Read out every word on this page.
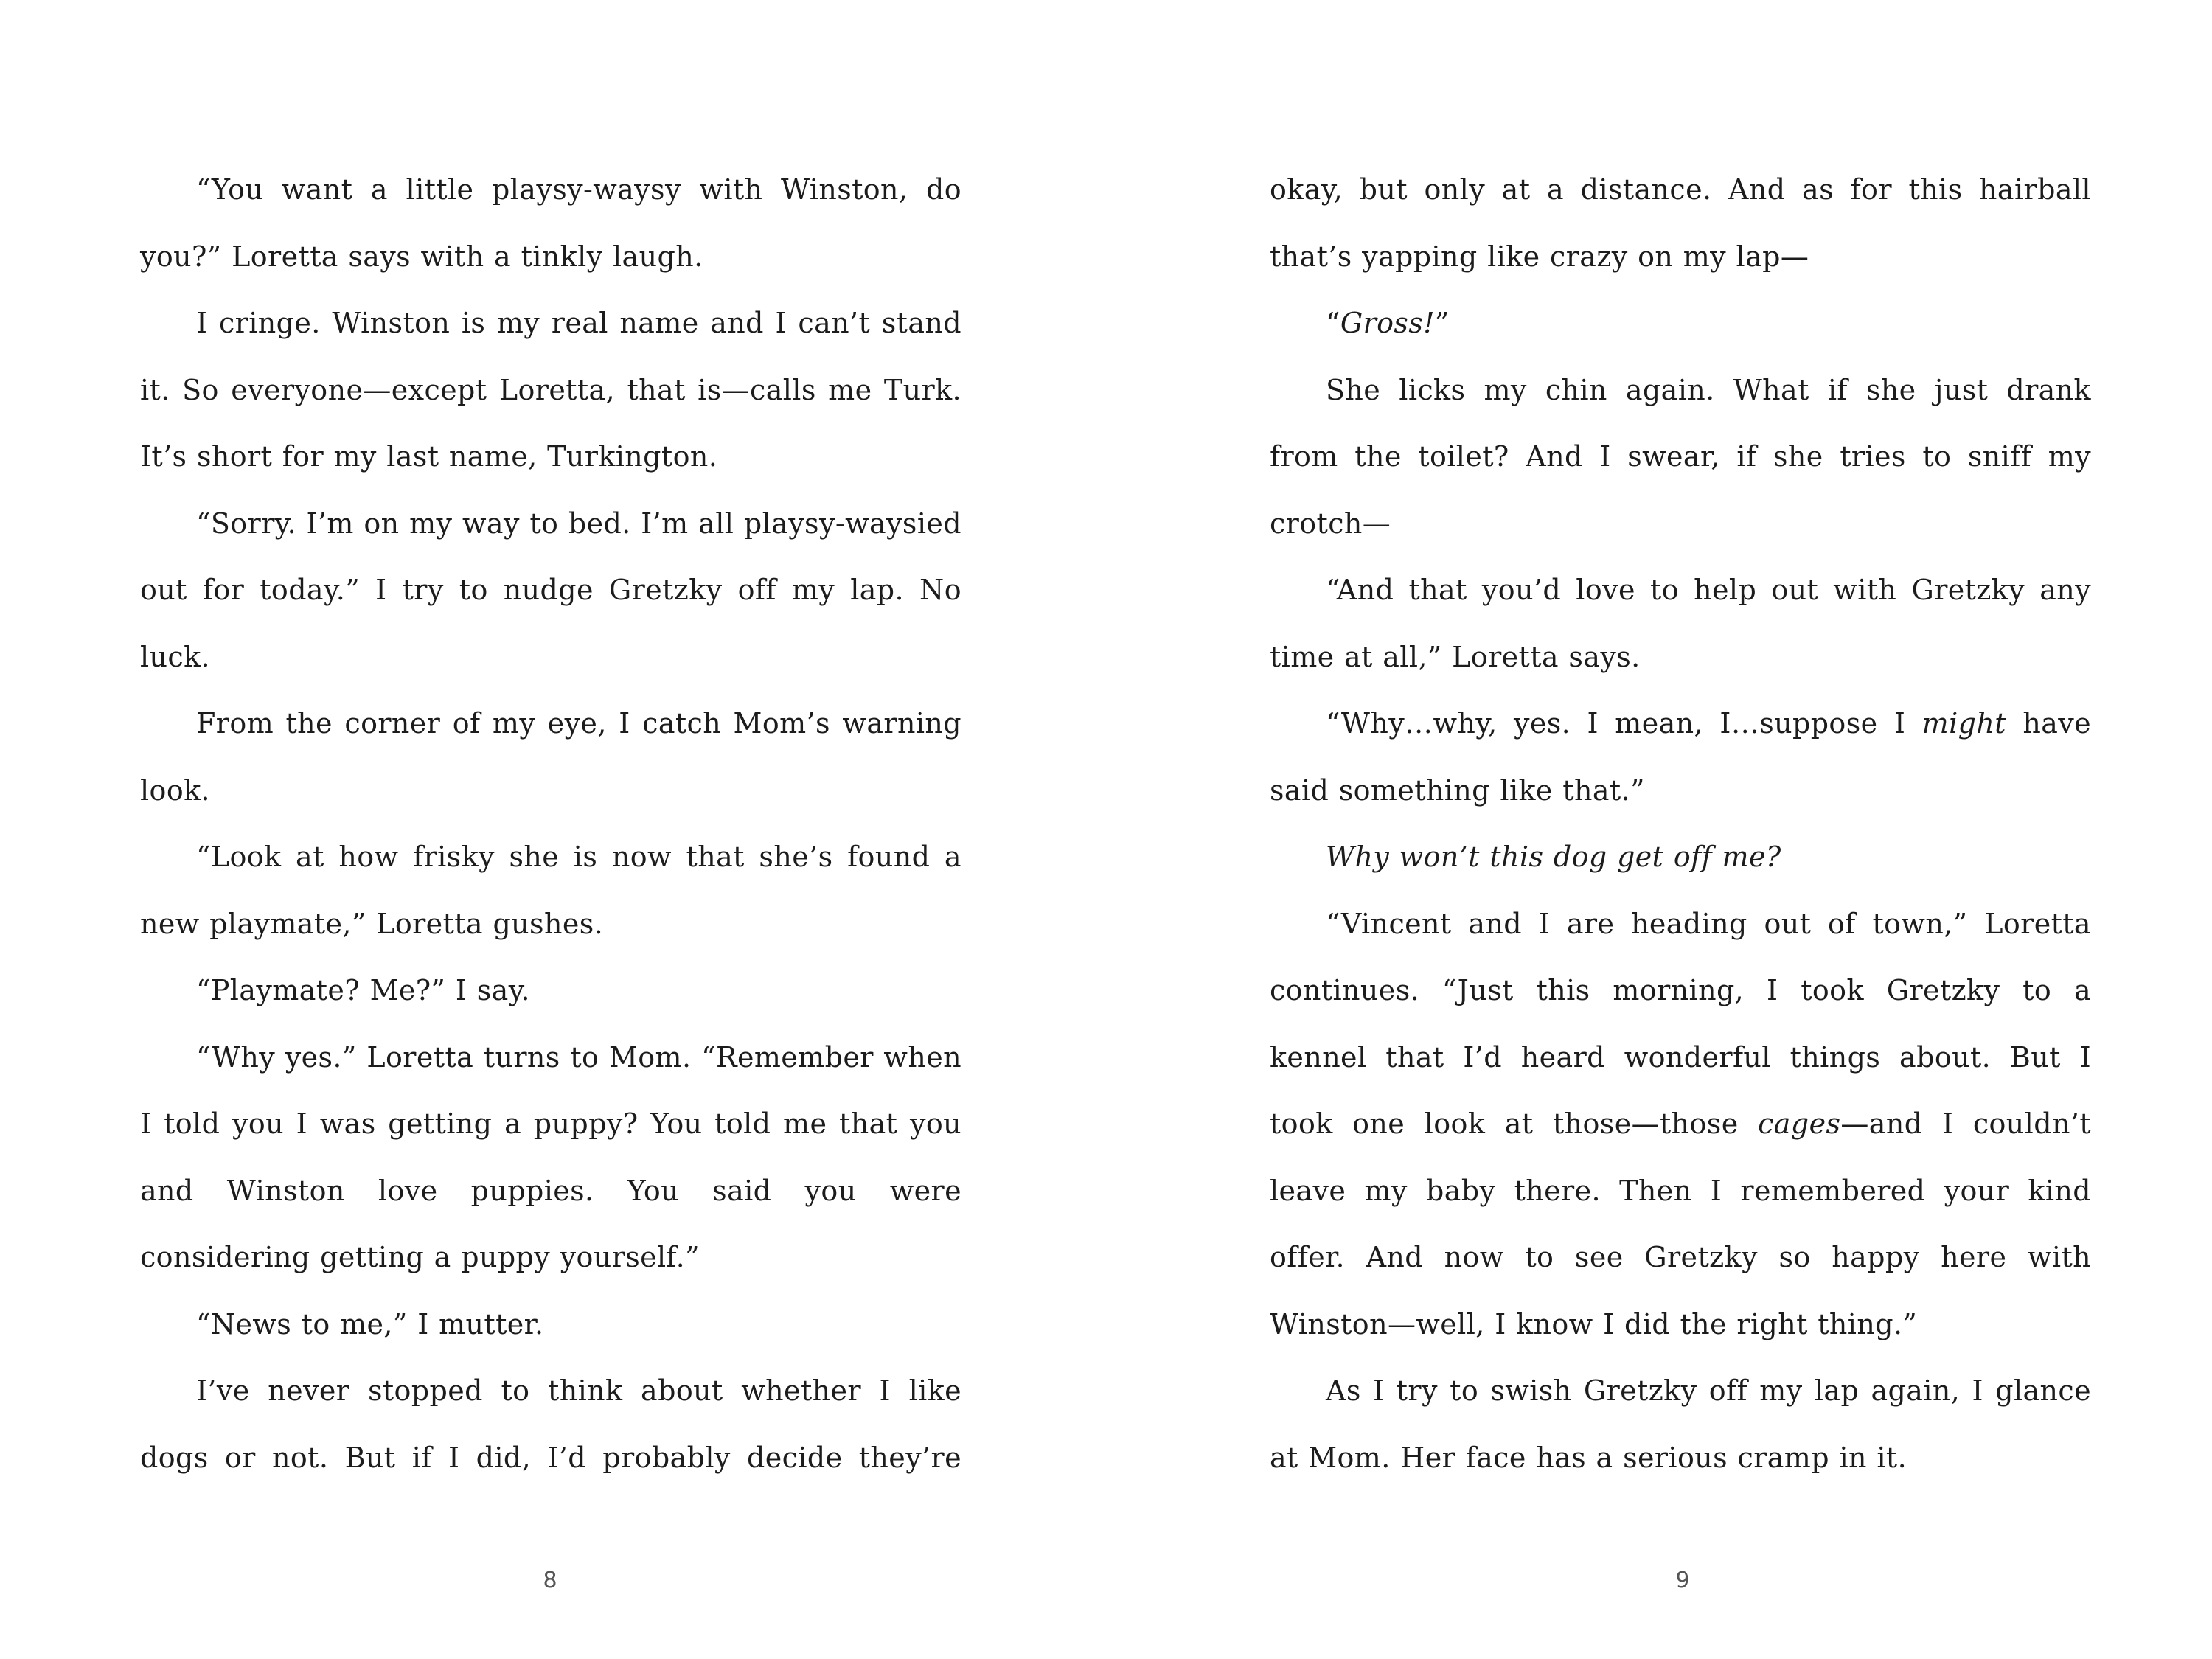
“You want a little playsy-waysy with Winston, do you?” Loretta says with a tinkly laugh.

I cringe. Winston is my real name and I can’t stand it. So everyone—except Loretta, that is—calls me Turk. It’s short for my last name, Turkington.

“Sorry. I’m on my way to bed. I’m all playsy-waysied out for today.” I try to nudge Gretzky off my lap. No luck.

From the corner of my eye, I catch Mom’s warning look.

“Look at how frisky she is now that she’s found a new playmate,” Loretta gushes.

“Playmate? Me?” I say.

“Why yes.” Loretta turns to Mom. “Remember when I told you I was getting a puppy? You told me that you and Winston love puppies. You said you were considering getting a puppy yourself.”

“News to me,” I mutter.

I’ve never stopped to think about whether I like dogs or not. But if I did, I’d probably decide they’re

8

okay, but only at a distance. And as for this hairball that’s yapping like crazy on my lap—

“Gross!”

She licks my chin again. What if she just drank from the toilet? And I swear, if she tries to sniff my crotch—

“And that you’d love to help out with Gretzky any time at all,” Loretta says.

“Why…why, yes. I mean, I…suppose I might have said something like that.”

Why won’t this dog get off me?

“Vincent and I are heading out of town,” Loretta continues. “Just this morning, I took Gretzky to a kennel that I’d heard wonderful things about. But I took one look at those—those cages—and I couldn’t leave my baby there. Then I remembered your kind offer. And now to see Gretzky so happy here with Winston—well, I know I did the right thing.”

As I try to swish Gretzky off my lap again, I glance at Mom. Her face has a serious cramp in it.

9
